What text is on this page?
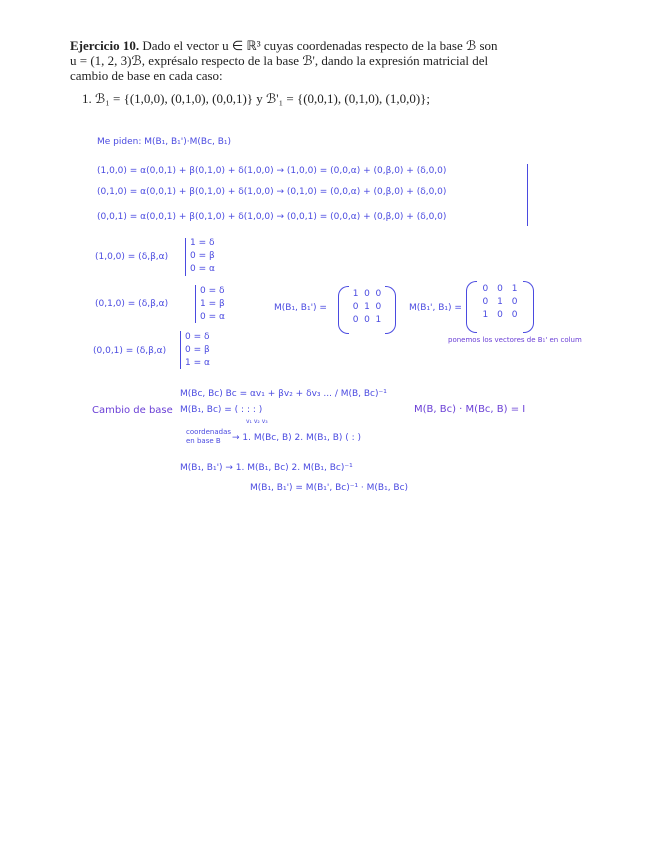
Ejercicio 10. Dado el vector u ∈ ℝ³ cuyas coordenadas respecto de la base ℬ son
u = (1, 2, 3)ℬ, exprésalo respecto de la base ℬ', dando la expresión matricial del
cambio de base en cada caso:
1. ℬ₁ = {(1,0,0), (0,1,0), (0,0,1)} y ℬ'₁ = {(0,0,1), (0,1,0), (1,0,0)};
Me piden: M(B₁, B₁')·M(Bc, B₁)
(1,0,0) = α(0,0,1) + β(0,1,0) + δ(1,0,0) → (1,0,0) = (0,0,α) + (0,β,0) + (δ,0,0)
(0,1,0) = α(0,0,1) + β(0,1,0) + δ(1,0,0) → (0,1,0) = (0,0,α) + (0,β,0) + (δ,0,0)
(0,0,1) = α(0,0,1) + β(0,1,0) + δ(1,0,0) → (0,0,1) = (0,0,α) + (0,β,0) + (δ,0,0)
(1,0,0) = (δ,β,α)
1 = δ
0 = β
0 = α
(0,1,0) = (δ,β,α)
0 = δ
1 = β
0 = α
(0,0,1) = (δ,β,α)
0 = δ
0 = β
1 = α
M(B₁, B₁') =
1 0 0
0 1 0
0 0 1
M(B₁', B₁) =
0 0 1
0 1 0
1 0 0
ponemos los vectores de B₁' en colum
Cambio de base
M(Bc, Bc) Bc = αv₁ + βv₂ + δv₃ ... / M(B, Bc)⁻¹
M(B₁, Bc) = ( : : : )
v₁ v₂ v₃
coordenadas
en base B → 1. M(Bc, B) 2. M(B₁, B) ( : )
M(B₁, B₁') → 1. M(B₁, Bc) 2. M(B₁, Bc)⁻¹
M(B₁, B₁') = M(B₁', Bc)⁻¹ · M(B₁, Bc)
M(B, Bc) · M(Bc, B) = I
